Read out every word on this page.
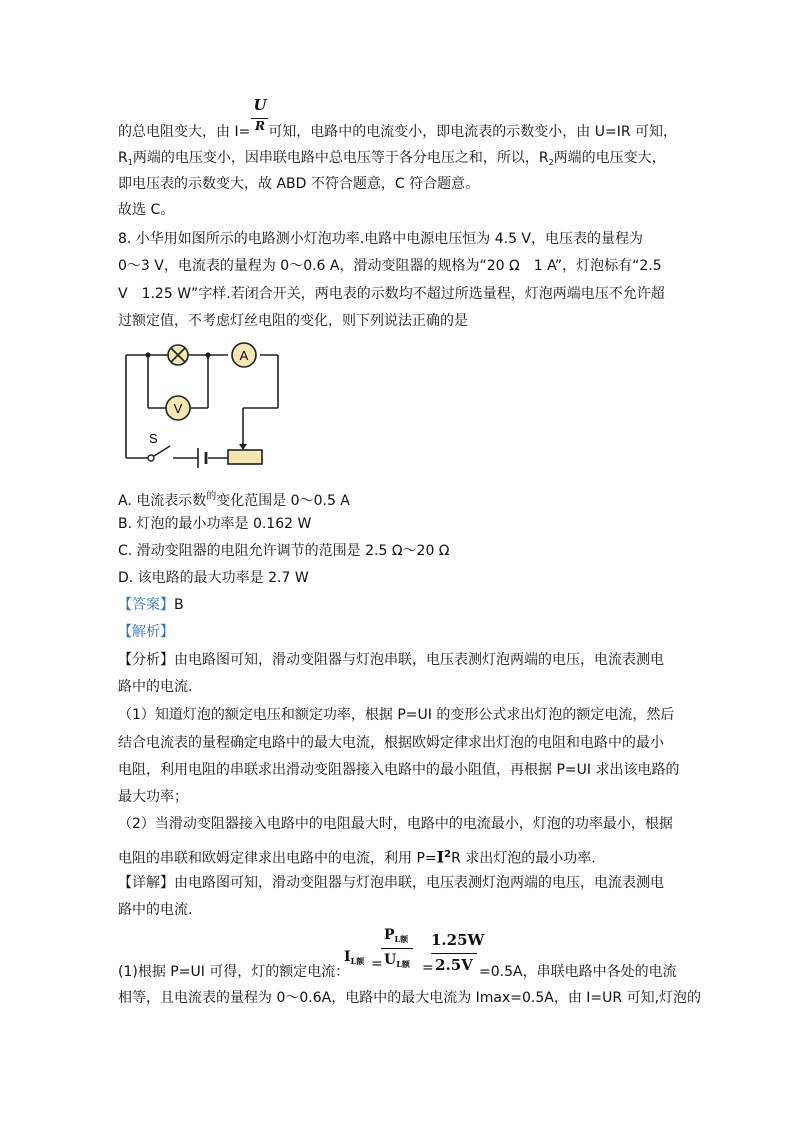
U
R
的总电阻变大，由 I= 可知，电路中的电流变小，即电流表的示数变小，由 U=IR 可知，
$R_1$两端的电压变小，因串联电路中总电压等于各分电压之和，所以，$R_2$两端的电压变大，
即电压表的示数变大，故 ABD 不符合题意，C 符合题意。
故选 C。
8. 小华用如图所示的电路测小灯泡功率.电路中电源电压恒为 4.5 V，电压表的量程为
0～3 V，电流表的量程为 0～0.6 A，滑动变阻器的规格为“20 Ω　1 A”，灯泡标有“2.5
V　1.25 W”字样.若闭合开关，两电表的示数均不超过所选量程，灯泡两端电压不允许超
过额定值，不考虑灯丝电阻的变化，则下列说法正确的是
A
V
S
A. 电流表示数$^的$变化范围是 0～0.5 A
B. 灯泡的最小功率是 0.162 W
C. 滑动变阻器的电阻允许调节的范围是 2.5 Ω～20 Ω
D. 该电路的最大功率是 2.7 W
【答案】B
【解析】
【分析】由电路图可知，滑动变阻器与灯泡串联，电压表测灯泡两端的电压，电流表测电
路中的电流.
（1）知道灯泡的额定电压和额定功率，根据 P=UI 的变形公式求出灯泡的额定电流，然后
结合电流表的量程确定电路中的最大电流，根据欧姆定律求出灯泡的电阻和电路中的最小
电阻，利用电阻的串联求出滑动变阻器接入电路中的最小阻值，再根据 P=UI 求出该电路的
最大功率；
（2）当滑动变阻器接入电路中的电阻最大时，电路中的电流最小，灯泡的功率最小，根据
电阻的串联和欧姆定律求出电路中的电流，利用 $P=I^2R$ 求出灯泡的最小功率.
【详解】由电路图可知，滑动变阻器与灯泡串联，电压表测灯泡两端的电压，电流表测电
路中的电流.
(1)根据 P=UI 可得，灯的额定电流：
$I_{L额}$ =
$P_{L额}$
$U_{L额}$ =
1.25W
2.5V =0.5A，串联电路中各处的电流
相等，且电流表的量程为 0～0.6A，电路中的最大电流为 Imax=0.5A，由 I=UR 可知,灯泡的
